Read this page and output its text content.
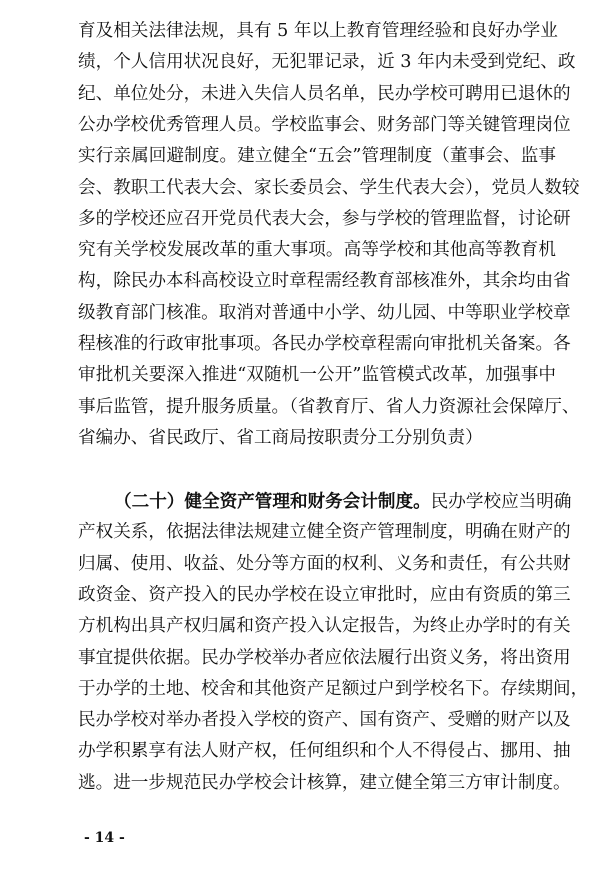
育及相关法律法规，具有 5 年以上教育管理经验和良好办学业
绩，个人信用状况良好，无犯罪记录，近 3 年内未受到党纪、政
纪、单位处分，未进入失信人员名单，民办学校可聘用已退休的
公办学校优秀管理人员。学校监事会、财务部门等关键管理岗位
实行亲属回避制度。建立健全“五会”管理制度（董事会、监事
会、教职工代表大会、家长委员会、学生代表大会），党员人数较
多的学校还应召开党员代表大会，参与学校的管理监督，讨论研
究有关学校发展改革的重大事项。高等学校和其他高等教育机
构，除民办本科高校设立时章程需经教育部核准外，其余均由省
级教育部门核准。取消对普通中小学、幼儿园、中等职业学校章
程核准的行政审批事项。各民办学校章程需向审批机关备案。各
审批机关要深入推进“双随机一公开”监管模式改革，加强事中
事后监管，提升服务质量。（省教育厅、省人力资源社会保障厅、
省编办、省民政厅、省工商局按职责分工分别负责）
（二十）健全资产管理和财务会计制度。民办学校应当明确
产权关系，依据法律法规建立健全资产管理制度，明确在财产的
归属、使用、收益、处分等方面的权利、义务和责任，有公共财
政资金、资产投入的民办学校在设立审批时，应由有资质的第三
方机构出具产权归属和资产投入认定报告，为终止办学时的有关
事宜提供依据。民办学校举办者应依法履行出资义务，将出资用
于办学的土地、校舍和其他资产足额过户到学校名下。存续期间，
民办学校对举办者投入学校的资产、国有资产、受赠的财产以及
办学积累享有法人财产权，任何组织和个人不得侵占、挪用、抽
逃。进一步规范民办学校会计核算，建立健全第三方审计制度。
- 14 -
